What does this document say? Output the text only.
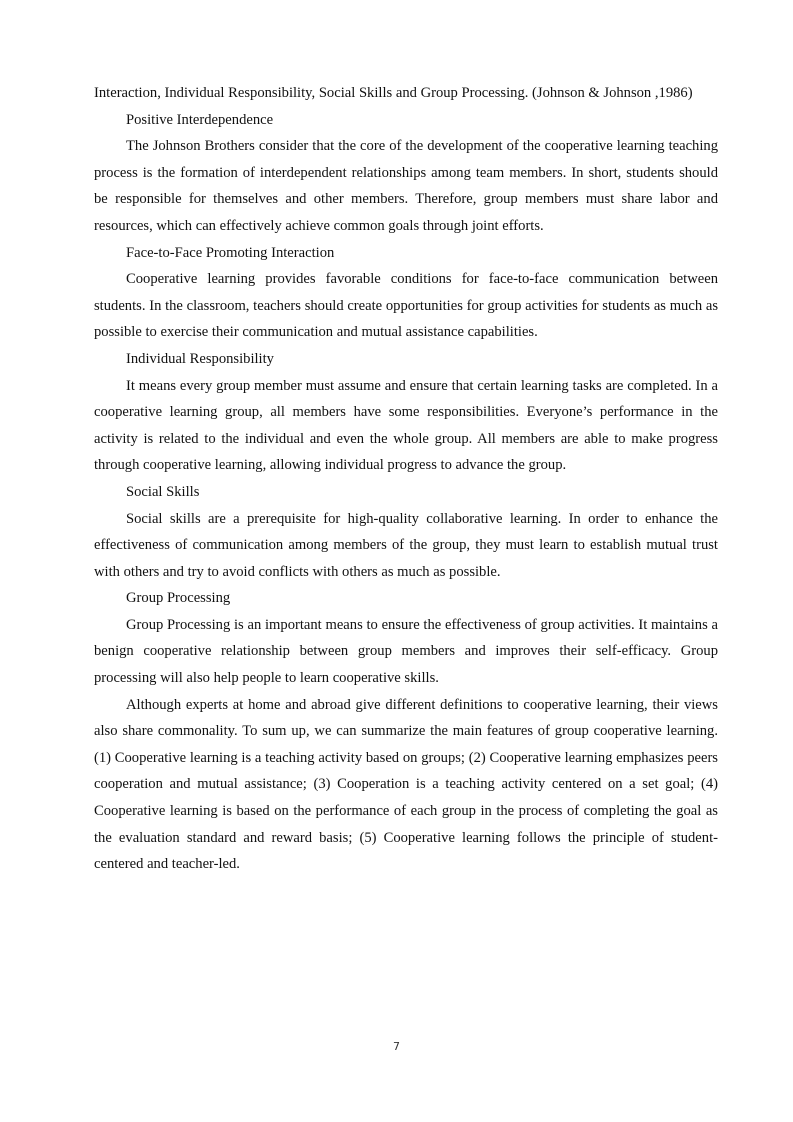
Interaction, Individual Responsibility, Social Skills and Group Processing. (Johnson & Johnson ,1986)

Positive Interdependence

The Johnson Brothers consider that the core of the development of the cooperative learning teaching process is the formation of interdependent relationships among team members. In short, students should be responsible for themselves and other members. Therefore, group members must share labor and resources, which can effectively achieve common goals through joint efforts.

Face-to-Face Promoting Interaction

Cooperative learning provides favorable conditions for face-to-face communication between students. In the classroom, teachers should create opportunities for group activities for students as much as possible to exercise their communication and mutual assistance capabilities.

Individual Responsibility

It means every group member must assume and ensure that certain learning tasks are completed. In a cooperative learning group, all members have some responsibilities. Everyone’s performance in the activity is related to the individual and even the whole group. All members are able to make progress through cooperative learning, allowing individual progress to advance the group.

Social Skills

Social skills are a prerequisite for high-quality collaborative learning. In order to enhance the effectiveness of communication among members of the group, they must learn to establish mutual trust with others and try to avoid conflicts with others as much as possible.

Group Processing

Group Processing is an important means to ensure the effectiveness of group activities. It maintains a benign cooperative relationship between group members and improves their self-efficacy. Group processing will also help people to learn cooperative skills.

Although experts at home and abroad give different definitions to cooperative learning, their views also share commonality. To sum up, we can summarize the main features of group cooperative learning. (1) Cooperative learning is a teaching activity based on groups; (2) Cooperative learning emphasizes peers cooperation and mutual assistance; (3) Cooperation is a teaching activity centered on a set goal; (4) Cooperative learning is based on the performance of each group in the process of completing the goal as the evaluation standard and reward basis; (5) Cooperative learning follows the principle of student-centered and teacher-led.

7
